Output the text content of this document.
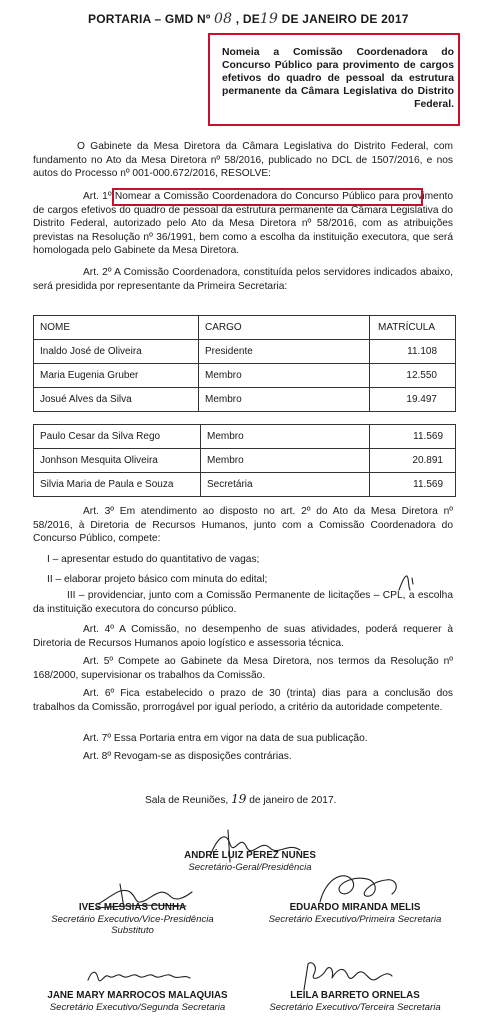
PORTARIA – GMD Nº 08 , DE19 DE JANEIRO DE 2017
Nomeia a Comissão Coordenadora do Concurso Público para provimento de cargos efetivos do quadro de pessoal da estrutura permanente da Câmara Legislativa do Distrito Federal.
O Gabinete da Mesa Diretora da Câmara Legislativa do Distrito Federal, com fundamento no Ato da Mesa Diretora nº 58/2016, publicado no DCL de 1507/2016, e nos autos do Processo nº 001-000.672/2016, RESOLVE:
Art. 1º Nomear a Comissão Coordenadora do Concurso Público para provimento de cargos efetivos do quadro de pessoal da estrutura permanente da Câmara Legislativa do Distrito Federal, autorizado pelo Ato da Mesa Diretora nº 58/2016, com as atribuições previstas na Resolução nº 36/1991, bem como a escolha da instituição executora, que será homologada pelo Gabinete da Mesa Diretora.
Art. 2º A Comissão Coordenadora, constituída pelos servidores indicados abaixo, será presidida por representante da Primeira Secretaria:
NOME	CARGO	MATRÍCULA
Inaldo José de Oliveira	Presidente	11.108
Maria Eugenia Gruber	Membro	12.550
Josué Alves da Silva	Membro	19.497
Paulo Cesar da Silva Rego	Membro	11.569
Jonhson Mesquita Oliveira	Membro	20.891
Silvia Maria de Paula e Souza	Secretária	11.569
Art. 3º Em atendimento ao disposto no art. 2º do Ato da Mesa Diretora nº 58/2016, à Diretoria de Recursos Humanos, junto com a Comissão Coordenadora do Concurso Público, compete:
I – apresentar estudo do quantitativo de vagas;
II – elaborar projeto básico com minuta do edital;
III – providenciar, junto com a Comissão Permanente de licitações – CPL, a escolha da instituição executora do concurso público.
Art. 4º A Comissão, no desempenho de suas atividades, poderá requerer à Diretoria de Recursos Humanos apoio logístico e assessoria técnica.
Art. 5º Compete ao Gabinete da Mesa Diretora, nos termos da Resolução nº 168/2000, supervisionar os trabalhos da Comissão.
Art. 6º Fica estabelecido o prazo de 30 (trinta) dias para a conclusão dos trabalhos da Comissão, prorrogável por igual período, a critério da autoridade competente.
Art. 7º Essa Portaria entra em vigor na data de sua publicação.
Art. 8º Revogam-se as disposições contrárias.
Sala de Reuniões, 19 de janeiro de 2017.
ANDRÉ LUIZ PEREZ NUNES
Secretário-Geral/Presidência
IVES MESSIAS CUNHA
Secretário Executivo/Vice-Presidência
Substituto
EDUARDO MIRANDA MELIS
Secretário Executivo/Primeira Secretaria
JANE MARY MARROCOS MALAQUIAS
Secretário Executivo/Segunda Secretaria
LEILA BARRETO ORNELAS
Secretário Executivo/Terceira Secretaria
